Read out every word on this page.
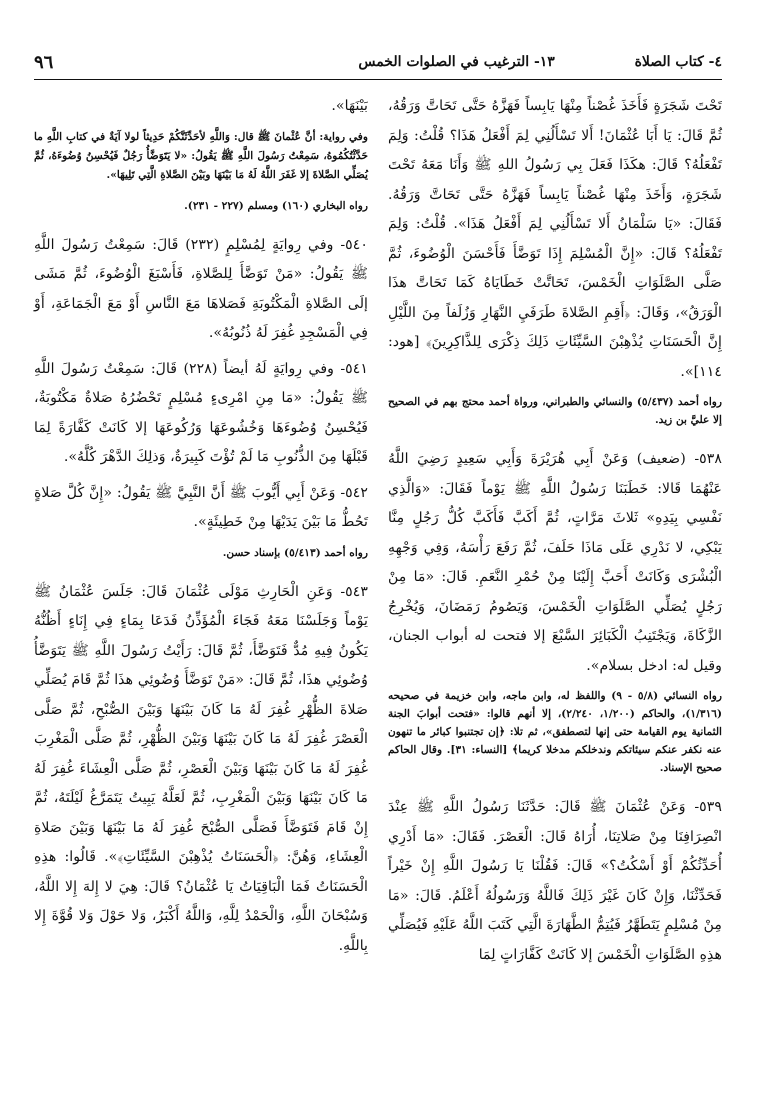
٤- كتاب الصلاة
١٣- الترغيب في الصلوات الخمس
٩٦

تَحْتَ شَجَرَةٍ فَأَخَذَ غُصْناً مِنْهَا يَابِساً فَهَزَّهُ حَتَّى تَحَاتَّ وَرَقُهُ، ثُمَّ قَالَ: يَا أَبَا عُثْمَانَ! أَلا تَسْأَلُنِي لِمَ أَفْعَلُ هَذَا؟ قُلْتُ: وَلِمَ تَفْعَلُهُ؟ قَالَ: هكَذَا فَعَلَ بِي رَسُولُ اللهِ ﷺ وَأَنَا مَعَهُ تَحْتَ شَجَرَةٍ، وَأَخَذَ مِنْهَا غُصْناً يَابِساً فَهَزَّهُ حَتَّى تَحَاتَّ وَرَقُهُ. فَقَالَ: «يَا سَلْمَانُ أَلا تَسْأَلُنِي لِمَ أَفْعَلُ هَذَا». قُلْتُ: وَلِمَ تَفْعَلُهُ؟ قَالَ: «إِنَّ الْمُسْلِمَ إِذَا تَوَضَّأَ فَأَحْسَنَ الْوُضُوءَ، ثُمَّ صَلَّى الصَّلَوَاتِ الْخَمْسَ، تَحَاتَّتْ خَطَايَاهُ كَمَا تَحَاتَّ هذَا الْوَرَقُ»، وَقَالَ: ﴿أَقِمِ الصَّلاةَ طَرَفَيِ النَّهَارِ وَزُلَفاً مِنَ اللَّيْلِ إِنَّ الْحَسَنَاتِ يُذْهِبْنَ السَّيِّئَاتِ ذَلِكَ ذِكْرَى لِلذَّاكِرِينَ﴾ [هود: ١١٤]».

رواه أحمد (٥/٤٣٧) والنسائي والطبراني، ورواة أحمد محتج بهم في الصحيح إلا عليَّ بن زيد.

٥٣٨- (ضعيف) وَعَنْ أَبِي هُرَيْرَةَ وَأَبِي سَعِيدٍ رَضِيَ اللَّهُ عَنْهُمَا قَالا: خَطَبَنَا رَسُولُ اللَّهِ ﷺ يَوْماً فَقَالَ: «وَالَّذِي نَفْسِي بِيَدِهِ» ثَلاثَ مَرَّاتٍ، ثُمَّ أَكَبَّ فَأَكَبَّ كُلُّ رَجُلٍ مِنَّا يَبْكِي، لا نَدْرِي عَلَى مَاذَا حَلَفَ، ثُمَّ رَفَعَ رَأْسَهُ، وَفِي وَجْهِهِ الْبُشْرَى وَكَانَتْ أَحَبَّ إِلَيْنَا مِنْ حُمْرِ النَّعَمِ. قَالَ: «مَا مِنْ رَجُلٍ يُصَلِّي الصَّلَوَاتِ الْخَمْسَ، وَيَصُومُ رَمَضَانَ، وَيُخْرِجُ الزَّكَاةَ، وَيَجْتَنِبُ الْكَبَائِرَ السَّبْعَ إلا فتحت له أبواب الجنان، وقيل له: ادخل بسلام».

رواه النسائي (٥/٨ - ٩) واللفظ له، وابن ماجه، وابن خزيمة في صحيحه (١/٣١٦)، والحاكم (١/٢٠٠، ٢/٢٤٠)، إلا أنهم قالوا: «فتحت أبوابَ الجنة الثمانية يوم القيامة حتى إنها لتصطفق»، ثم تلا: ﴿إن تجتنبوا كبائر ما تنهون عنه نكفر عنكم سيئاتكم وندخلكم مدخلا كريما﴾ [النساء: ٣١]. وقال الحاكم صحيح الإسناد.

٥٣٩- وَعَنْ عُثْمَانَ ﷺ قَالَ: حَدَّثَنَا رَسُولُ اللَّهِ ﷺ عِنْدَ انْصِرَافِنَا مِنْ صَلاتِنَا، أُرَاهُ قَالَ: الْعَصْرَ. فَقَالَ: «مَا أَدْرِي أُحَدِّثُكُمْ أَوْ أَسْكُتُ؟» قَالَ: فَقُلْنَا يَا رَسُولَ اللَّهِ إِنْ خَيْراً فَحَدِّثْنَا، وَإِنْ كَانَ غَيْرَ ذَلِكَ فَاللَّهُ وَرَسُولُهُ أَعْلَمُ. قَالَ: «مَا مِنْ مُسْلِمٍ يَتَطَهَّرُ فَيُتِمُّ الطَّهَارَةَ الَّتِي كَتَبَ اللَّهُ عَلَيْهِ فَيُصَلِّي هذِهِ الصَّلَوَاتِ الْخَمْسَ إلا كَانَتْ كَفَّارَاتٍ لِمَا

بَيْنَهَا».

وفي رواية: أنَّ عُثْمانَ ﷺ قال: وَاللَّهِ لأحَدِّثَنَّكُمْ حَدِيثاً لولا آيَةٌ في كتابِ اللَّهِ ما حَدَّثْتُكُمُوهُ، سَمِعْتُ رَسُولَ اللَّهِ ﷺ يَقُولُ: «لا يَتَوَضَّأُ رَجُلٌ فَيُحْسِنُ وُضُوءَهُ، ثُمَّ يُصَلِّي الصَّلاةَ إلا غَفَرَ اللَّهُ لَهُ مَا بَيْنَهَا وبَيْنَ الصَّلاةِ الَّتِي تَلِيهَا».

رواه البخاري (١٦٠) ومسلم (٢٢٧ - ٢٣١).

٥٤٠- وفي رِوايَةٍ لِمُسْلِمٍ (٢٣٢) قَالَ: سَمِعْتُ رَسُولَ اللَّهِ ﷺ يَقُولُ: «مَنْ تَوَضَّأَ لِلصَّلاةِ، فَأَسْبَغَ الْوُضُوءَ، ثُمَّ مَشَى إلَى الصَّلاةِ الْمَكْتُوبَةِ فَصَلاهَا مَعَ النَّاسِ أَوْ مَعَ الْجَمَاعَةِ، أَوْ فِي الْمَسْجِدِ غُفِرَ لَهُ ذُنُوبُهُ».

٥٤١- وفي رِوايَةٍ لَهُ أيضاً (٢٢٨) قَالَ: سَمِعْتُ رَسُولَ اللَّهِ ﷺ يَقُولُ: «مَا مِنِ امْرِىءٍ مُسْلِمٍ تَحْضُرُهُ صَلاةٌ مَكْتُوبَةٌ، فَيُحْسِنُ وُضُوءَهَا وَخُشُوعَهَا وَرُكُوعَهَا إلا كَانَتْ كَفَّارَةً لِمَا قَبْلَهَا مِنَ الذُّنُوبِ مَا لَمْ تُؤْتَ كَبِيرَةٌ، وَذلِكَ الدَّهْرَ كُلَّهُ».

٥٤٢- وَعَنْ أَبِي أَيُّوبَ ﷺ أَنَّ النَّبِيَّ ﷺ يَقُولُ: «إِنَّ كُلَّ صَلاةٍ تَحُطُّ مَا بَيْنَ يَدَيْهَا مِنْ خَطِيئَةٍ».

رواه أحمد (٥/٤١٣) بإسناد حسن.

٥٤٣- وَعَنِ الْحَارِثِ مَوْلَى عُثْمَانَ قَالَ: جَلَسَ عُثْمَانُ ﷺ يَوْماً وَجَلَسْنَا مَعَهُ فَجَاءَ الْمُؤَذِّنُ فَدَعَا بِمَاءٍ فِي إِنَاءٍ أَظُنُّهُ يَكُونُ فِيهِ مُدٌّ فَتَوَضَّأَ، ثُمَّ قَالَ: رَأَيْتُ رَسُولَ اللَّهِ ﷺ يَتَوَضَّأُ وُضُوئِي هذَا، ثُمَّ قَالَ: «مَنْ تَوَضَّأَ وُضُوئِي هذَا ثُمَّ قَامَ يُصَلِّي صَلاةَ الظُّهْرِ غُفِرَ لَهُ مَا كَانَ بَيْنَهَا وَبَيْنَ الصُّبْحِ، ثُمَّ صَلَّى الْعَصْرَ غُفِرَ لَهُ مَا كَانَ بَيْنَهَا وَبَيْنَ الظُّهْرِ، ثُمَّ صَلَّى الْمَغْرِبَ غُفِرَ لَهُ مَا كَانَ بَيْنَهَا وَبَيْنَ الْعَصْرِ، ثُمَّ صَلَّى الْعِشَاءَ غُفِرَ لَهُ مَا كَانَ بَيْنَهَا وَبَيْنَ الْمَغْرِبِ، ثُمَّ لَعَلَّهُ يَبِيتُ يَتَمَرَّغُ لَيْلَتَهُ، ثُمَّ إِنْ قَامَ فَتَوَضَّأَ فَصَلَّى الصُّبْحَ غُفِرَ لَهُ مَا بَيْنَهَا وَبَيْنَ صَلاةِ الْعِشَاءِ، وَهُنَّ: ﴿الْحَسَنَاتُ يُذْهِبْنَ السَّيِّئَاتِ﴾». قَالُوا: هذِهِ الْحَسَنَاتُ فَمَا الْبَاقِيَاتُ يَا عُثْمَانُ؟ قَالَ: هِيَ لا إِلهَ إِلا اللَّهُ، وَسُبْحَانَ اللَّهِ، وَالْحَمْدُ لِلَّهِ، وَاللَّهُ أَكْبَرُ، وَلا حَوْلَ وَلا قُوَّةَ إِلا بِاللَّهِ.
